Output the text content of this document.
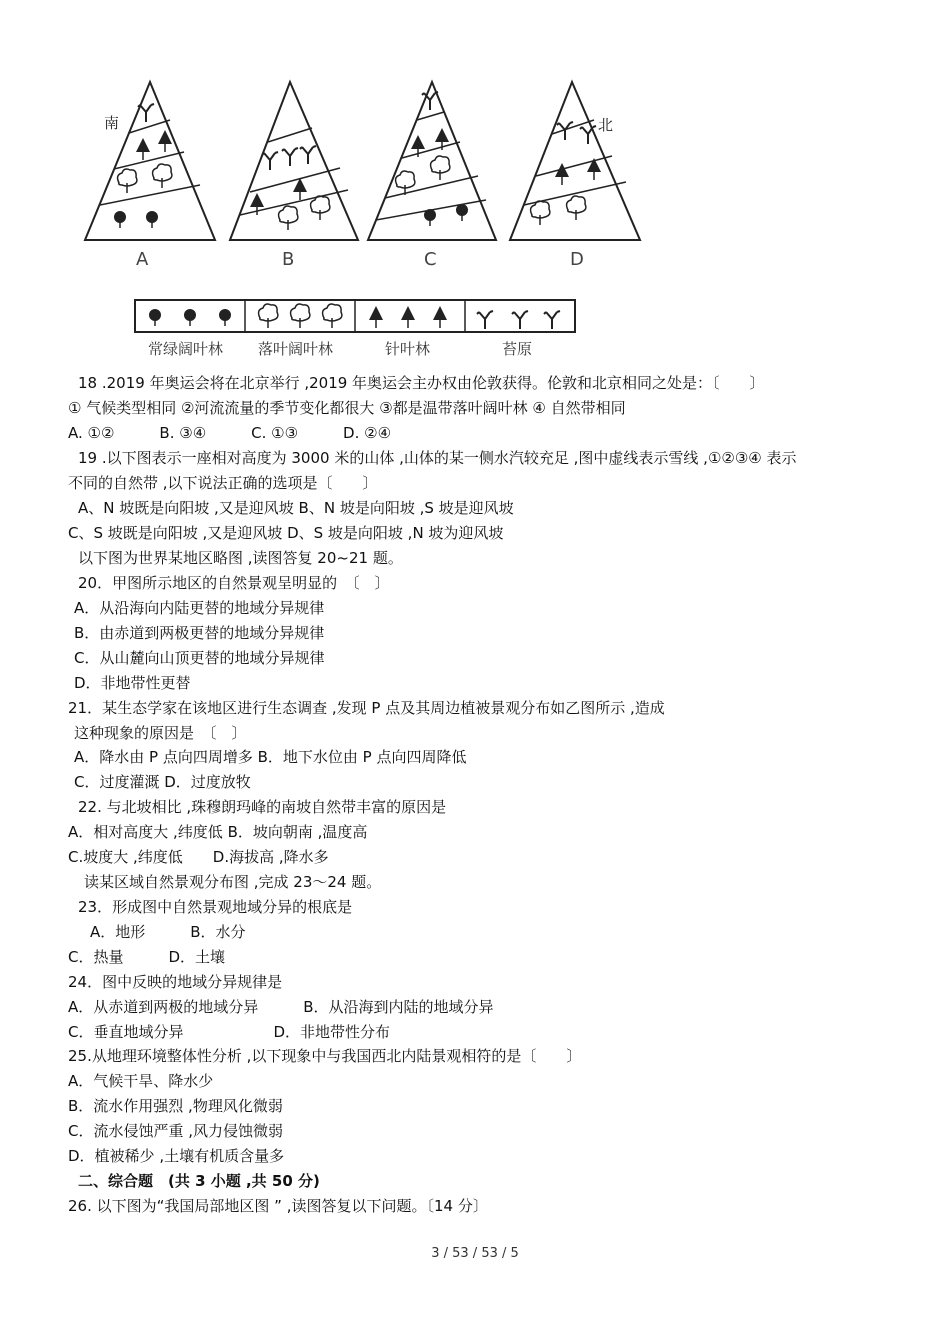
南
A	B	C
北
D
常绿阔叶林 落叶阔叶林	针叶林	苔原
18 .2019 年奥运会将在北京举行 ,2019 年奥运会主办权由伦敦获得。伦敦和北京相同之处是：〔　　〕
① 气候类型相同 ②河流流量的季节变化都很大 ③都是温带落叶阔叶林 ④ 自然带相同
A. ①②　　　B. ③④　　　C. ①③　　　D. ②④
19 .以下图表示一座相对高度为 3000 米的山体 ,山体的某一侧水汽较充足 ,图中虚线表示雪线 ,①②③④ 表示
不同的自然带 ,以下说法正确的选项是〔　　〕
A、N 坡既是向阳坡 ,又是迎风坡 B、N 坡是向阳坡 ,S 坡是迎风坡
C、S 坡既是向阳坡 ,又是迎风坡 D、S 坡是向阳坡 ,N 坡为迎风坡
以下图为世界某地区略图 ,读图答复 20~21 题。
20．甲图所示地区的自然景观呈明显的　〔　〕
A．从沿海向内陆更替的地域分异规律
B．由赤道到两极更替的地域分异规律
C．从山麓向山顶更替的地域分异规律
D．非地带性更替
21．某生态学家在该地区进行生态调查 ,发现 P 点及其周边植被景观分布如乙图所示 ,造成
这种现象的原因是　〔　〕
A．降水由 P 点向四周增多 B．地下水位由 P 点向四周降低
C．过度灌溉 D．过度放牧
22. 与北坡相比 ,珠穆朗玛峰的南坡自然带丰富的原因是
A．相对高度大 ,纬度低 B．坡向朝南 ,温度高
C.坡度大 ,纬度低　　D.海拔高 ,降水多
读某区域自然景观分布图 ,完成 23～24 题。
23．形成图中自然景观地域分异的根底是
A．地形　　　B．水分
C．热量　　　D．土壤
24．图中反映的地域分异规律是
A．从赤道到两极的地域分异　　　B．从沿海到内陆的地域分异
C．垂直地域分异　　　　　　D．非地带性分布
25.从地理环境整体性分析 ,以下现象中与我国西北内陆景观相符的是〔　　〕
A．气候干旱、降水少
B．流水作用强烈 ,物理风化微弱
C．流水侵蚀严重 ,风力侵蚀微弱
D．植被稀少 ,土壤有机质含量多
二、综合题　(共 3 小题 ,共 50 分)
26. 以下图为“我国局部地区图 ” ,读图答复以下问题。〔14 分〕
3 / 53 / 53 / 5
